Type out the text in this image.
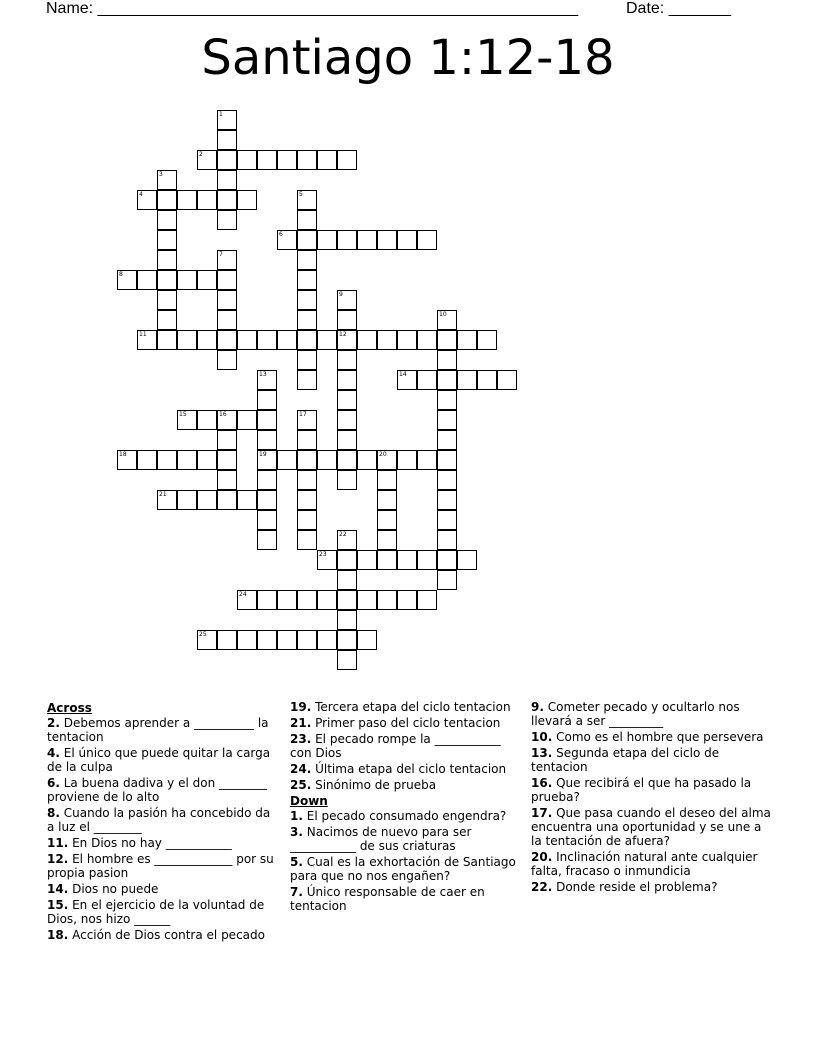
Name: ______________________________________________________	Date: _______
Santiago 1:12-18
2
4
6
8
11	12
14
15	16
18	19	20
21
23
24
25
1
3
5
7
9
10
13
17
22
Across
2. Debemos aprender a __________ la tentacion
4. El único que puede quitar la carga de la culpa
6. La buena dadiva y el don ________ proviene de lo alto
8. Cuando la pasión ha concebido da a luz el ________
11. En Dios no hay ___________
12. El hombre es _____________ por su propia pasion
14. Dios no puede
15. En el ejercicio de la voluntad de Dios, nos hizo ______
18. Acción de Dios contra el pecado
19. Tercera etapa del ciclo tentacion
21. Primer paso del ciclo tentacion
23. El pecado rompe la ___________ con Dios
24. Última etapa del ciclo tentacion
25. Sinónimo de prueba
Down
1. El pecado consumado engendra?
3. Nacimos de nuevo para ser ___________ de sus criaturas
5. Cual es la exhortación de Santiago para que no nos engañen?
7. Único responsable de caer en tentacion
9. Cometer pecado y ocultarlo nos llevará a ser _________
10. Como es el hombre que persevera
13. Segunda etapa del ciclo de tentacion
16. Que recibirá el que ha pasado la prueba?
17. Que pasa cuando el deseo del alma encuentra una oportunidad y se une a la tentación de afuera?
20. Inclinación natural ante cualquier falta, fracaso o inmundicia
22. Donde reside el problema?
